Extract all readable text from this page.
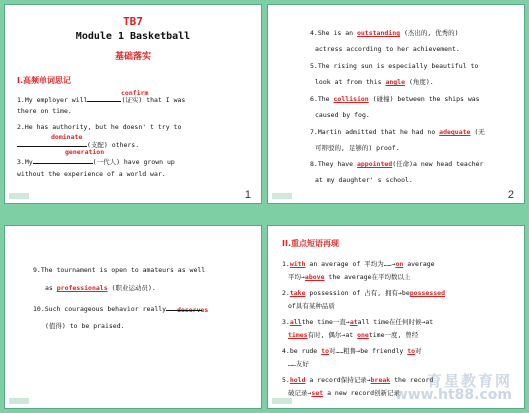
TB7
Module 1 Basketball
基础落实
I.高频单词思记
confirm
1.My employer will	(证实) that I was
there on time.
2.He has authority, but he doesn' t try to
dominate
(支配) others.
generation
3.My	(一代人) have grown up
without the experience of a world war.
1
4.She is an outstanding (杰出的, 优秀的)
actress according to her achievement.
5.The rising sun is especially beautiful to
look at from this angle (角度).
6.The collision (碰撞) between the ships was
caused by fog.
7.Martin admitted that he had no adequate (无
可辩驳的, 足够的) proof.
8.They have appointed(任命)a new head teacher
at my daughter' s school.
2
9.The tournament is open to amateurs as well
as professionals (职业运动员).
deserves
10.Such courageous behavior really
(值得) to be praised.
II.重点短语再现
1.with an average of 平均为……→on average
平均→above the average在平均数以上
2.take possession of 占有, 拥有→bepossessed
of具有某种品质
3.allthe time一直→atall time在任何时候→at
times有时, 偶尔→at onetime一度, 曾经
4.be rude to对……粗鲁→be friendly to对
……友好
5.hold a record保持记录→break the record
破记录→set a new record创新记录
育星教育网
www.ht88.com
